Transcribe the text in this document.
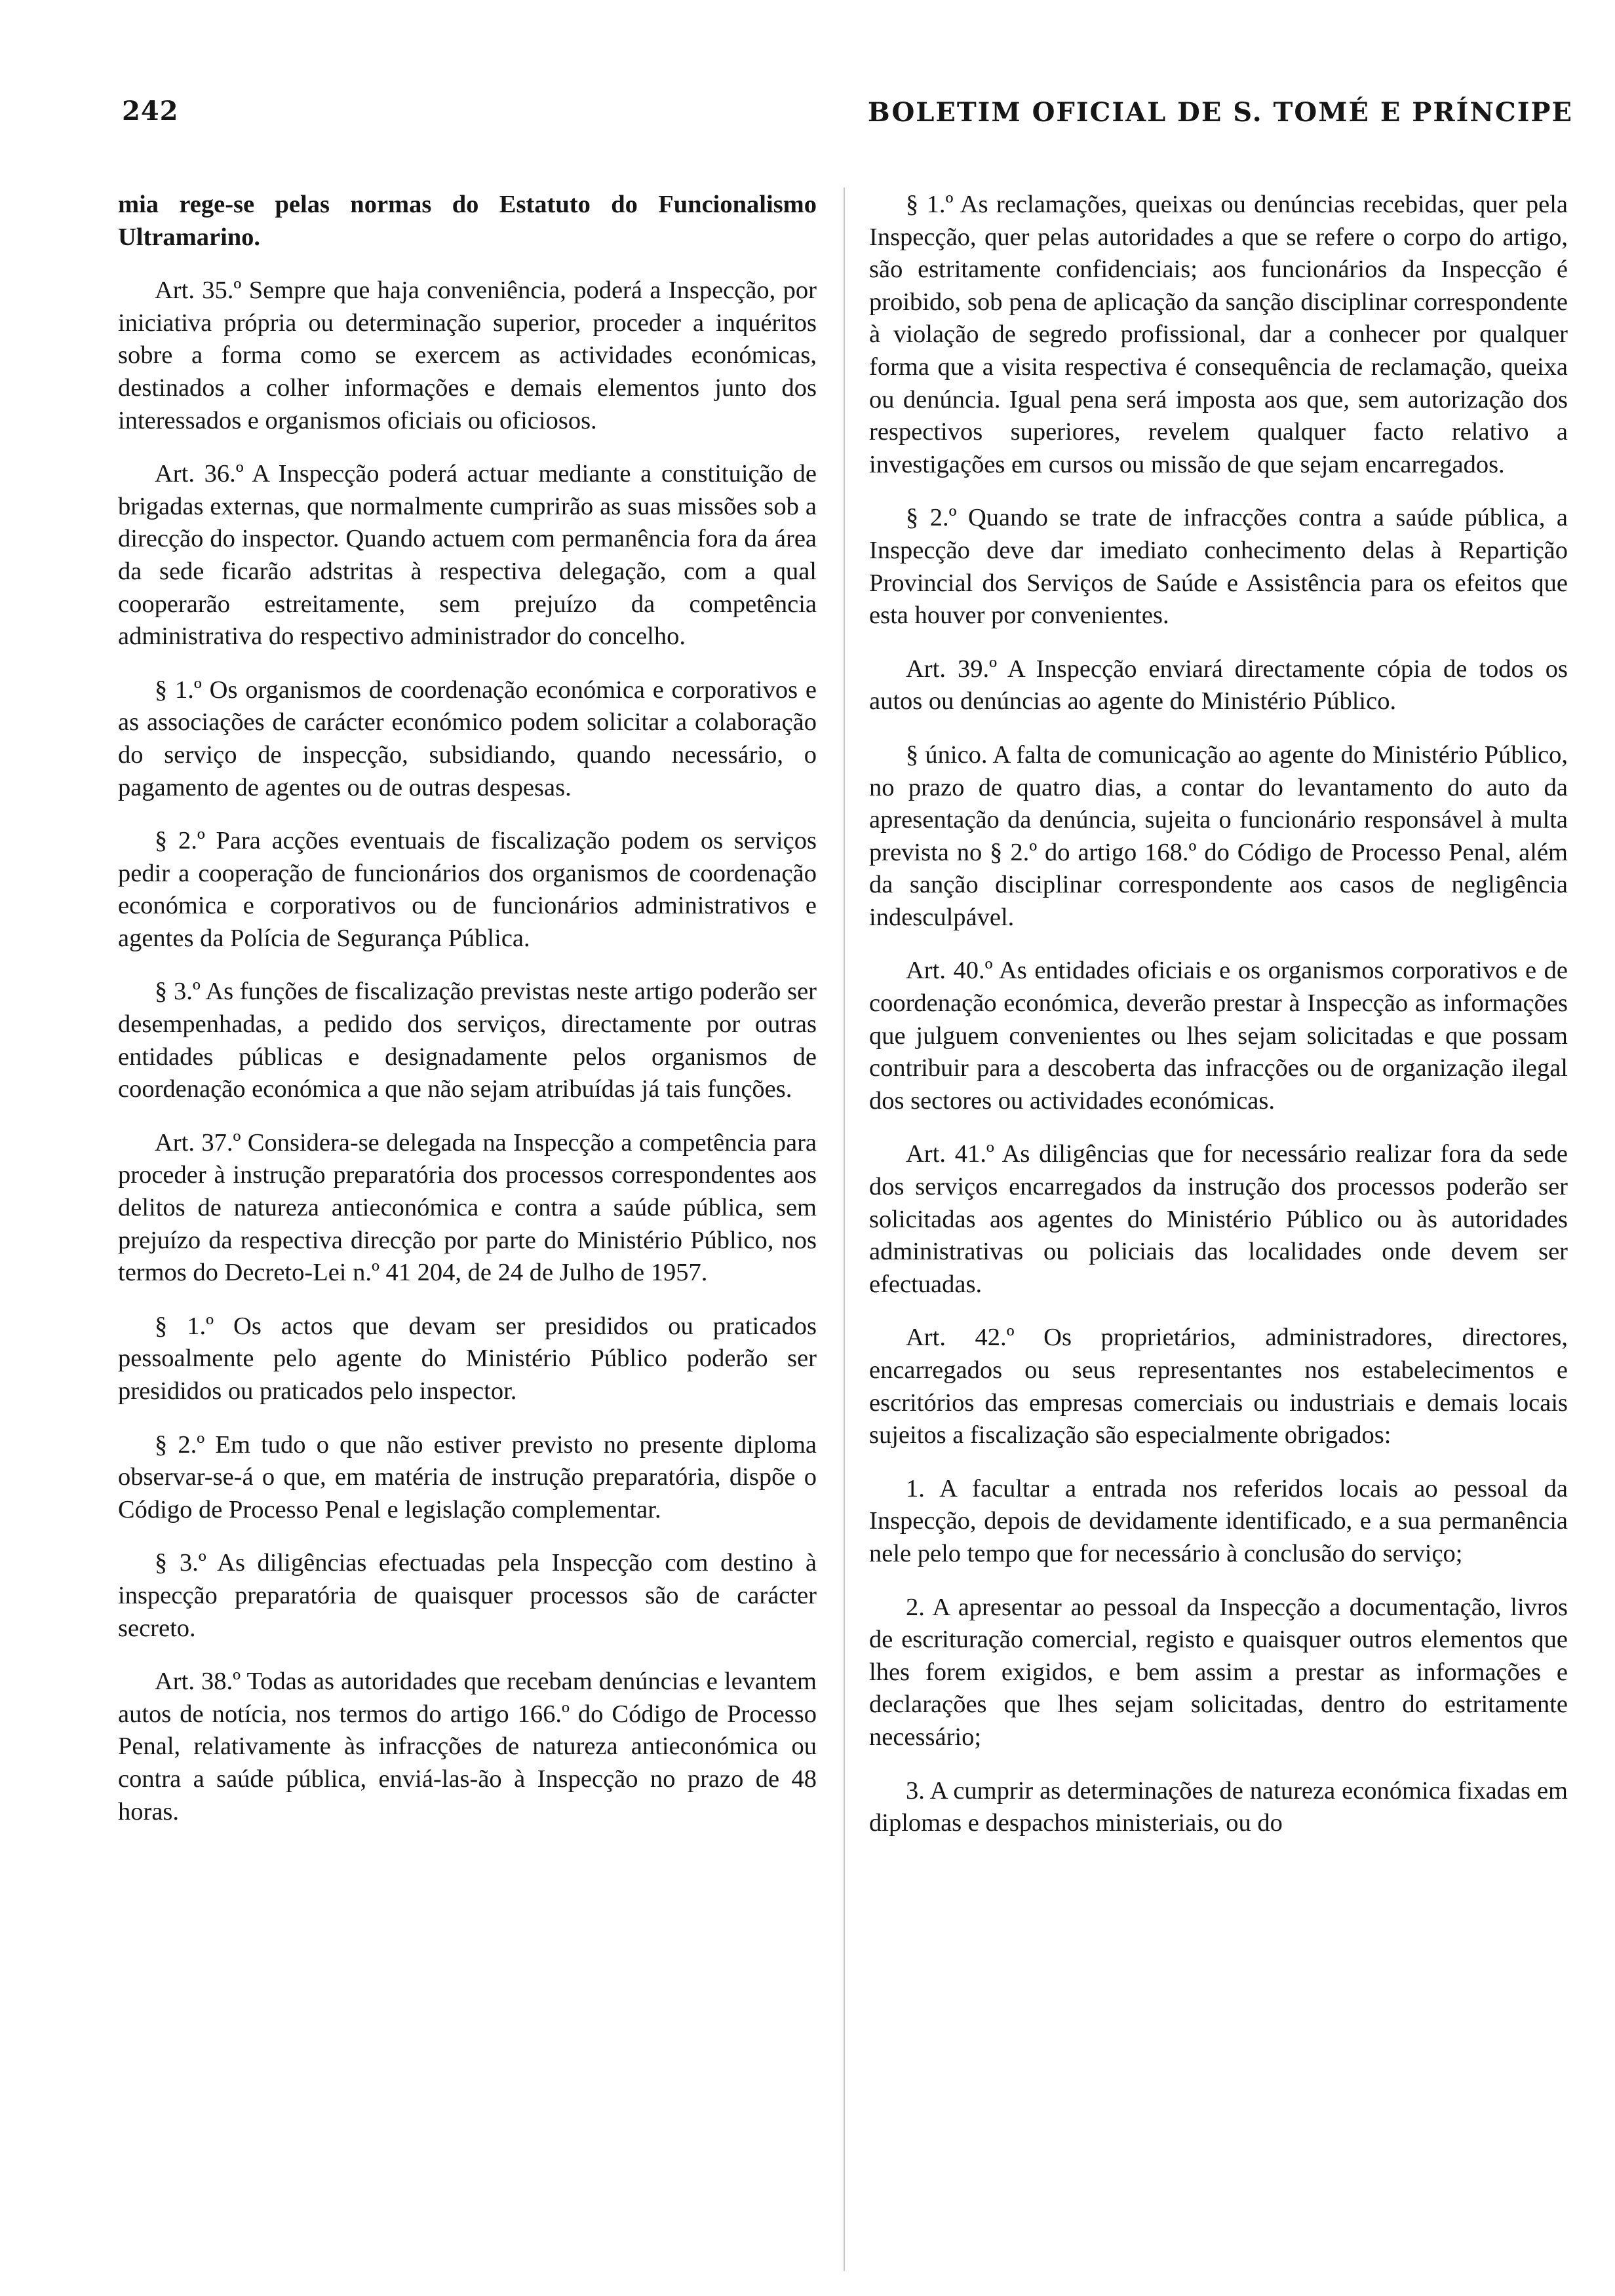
242	BOLETIM OFICIAL DE S. TOMÉ E PRÍNCIPE

mia rege-se pelas normas do Estatuto do Funcionalismo Ultramarino.

Art. 35.º Sempre que haja conveniência, poderá a Inspecção, por iniciativa própria ou determinação superior, proceder a inquéritos sobre a forma como se exercem as actividades económicas, destinados a colher informações e demais elementos junto dos interessados e organismos oficiais ou oficiosos.

Art. 36.º A Inspecção poderá actuar mediante a constituição de brigadas externas, que normalmente cumprirão as suas missões sob a direcção do inspector. Quando actuem com permanência fora da área da sede ficarão adstritas à respectiva delegação, com a qual cooperarão estreitamente, sem prejuízo da competência administrativa do respectivo administrador do concelho.

§ 1.º Os organismos de coordenação económica e corporativos e as associações de carácter económico podem solicitar a colaboração do serviço de inspecção, subsidiando, quando necessário, o pagamento de agentes ou de outras despesas.

§ 2.º Para acções eventuais de fiscalização podem os serviços pedir a cooperação de funcionários dos organismos de coordenação económica e corporativos ou de funcionários administrativos e agentes da Polícia de Segurança Pública.

§ 3.º As funções de fiscalização previstas neste artigo poderão ser desempenhadas, a pedido dos serviços, directamente por outras entidades públicas e designadamente pelos organismos de coordenação económica a que não sejam atribuídas já tais funções.

Art. 37.º Considera-se delegada na Inspecção a competência para proceder à instrução preparatória dos processos correspondentes aos delitos de natureza antieconómica e contra a saúde pública, sem prejuízo da respectiva direcção por parte do Ministério Público, nos termos do Decreto-Lei n.º 41 204, de 24 de Julho de 1957.

§ 1.º Os actos que devam ser presididos ou praticados pessoalmente pelo agente do Ministério Público poderão ser presididos ou praticados pelo inspector.

§ 2.º Em tudo o que não estiver previsto no presente diploma observar-se-á o que, em matéria de instrução preparatória, dispõe o Código de Processo Penal e legislação complementar.

§ 3.º As diligências efectuadas pela Inspecção com destino à inspecção preparatória de quaisquer processos são de carácter secreto.

Art. 38.º Todas as autoridades que recebam denúncias e levantem autos de notícia, nos termos do artigo 166.º do Código de Processo Penal, relativamente às infracções de natureza antieconómica ou contra a saúde pública, enviá-las-ão à Inspecção no prazo de 48 horas.

§ 1.º As reclamações, queixas ou denúncias recebidas, quer pela Inspecção, quer pelas autoridades a que se refere o corpo do artigo, são estritamente confidenciais; aos funcionários da Inspecção é proibido, sob pena de aplicação da sanção disciplinar correspondente à violação de segredo profissional, dar a conhecer por qualquer forma que a visita respectiva é consequência de reclamação, queixa ou denúncia. Igual pena será imposta aos que, sem autorização dos respectivos superiores, revelem qualquer facto relativo a investigações em cursos ou missão de que sejam encarregados.

§ 2.º Quando se trate de infracções contra a saúde pública, a Inspecção deve dar imediato conhecimento delas à Repartição Provincial dos Serviços de Saúde e Assistência para os efeitos que esta houver por convenientes.

Art. 39.º A Inspecção enviará directamente cópia de todos os autos ou denúncias ao agente do Ministério Público.

§ único. A falta de comunicação ao agente do Ministério Público, no prazo de quatro dias, a contar do levantamento do auto da apresentação da denúncia, sujeita o funcionário responsável à multa prevista no § 2.º do artigo 168.º do Código de Processo Penal, além da sanção disciplinar correspondente aos casos de negligência indesculpável.

Art. 40.º As entidades oficiais e os organismos corporativos e de coordenação económica, deverão prestar à Inspecção as informações que julguem convenientes ou lhes sejam solicitadas e que possam contribuir para a descoberta das infracções ou de organização ilegal dos sectores ou actividades económicas.

Art. 41.º As diligências que for necessário realizar fora da sede dos serviços encarregados da instrução dos processos poderão ser solicitadas aos agentes do Ministério Público ou às autoridades administrativas ou policiais das localidades onde devem ser efectuadas.

Art. 42.º Os proprietários, administradores, directores, encarregados ou seus representantes nos estabelecimentos e escritórios das empresas comerciais ou industriais e demais locais sujeitos a fiscalização são especialmente obrigados:

1. A facultar a entrada nos referidos locais ao pessoal da Inspecção, depois de devidamente identificado, e a sua permanência nele pelo tempo que for necessário à conclusão do serviço;

2. A apresentar ao pessoal da Inspecção a documentação, livros de escrituração comercial, registo e quaisquer outros elementos que lhes forem exigidos, e bem assim a prestar as informações e declarações que lhes sejam solicitadas, dentro do estritamente necessário;

3. A cumprir as determinações de natureza económica fixadas em diplomas e despachos ministeriais, ou do
